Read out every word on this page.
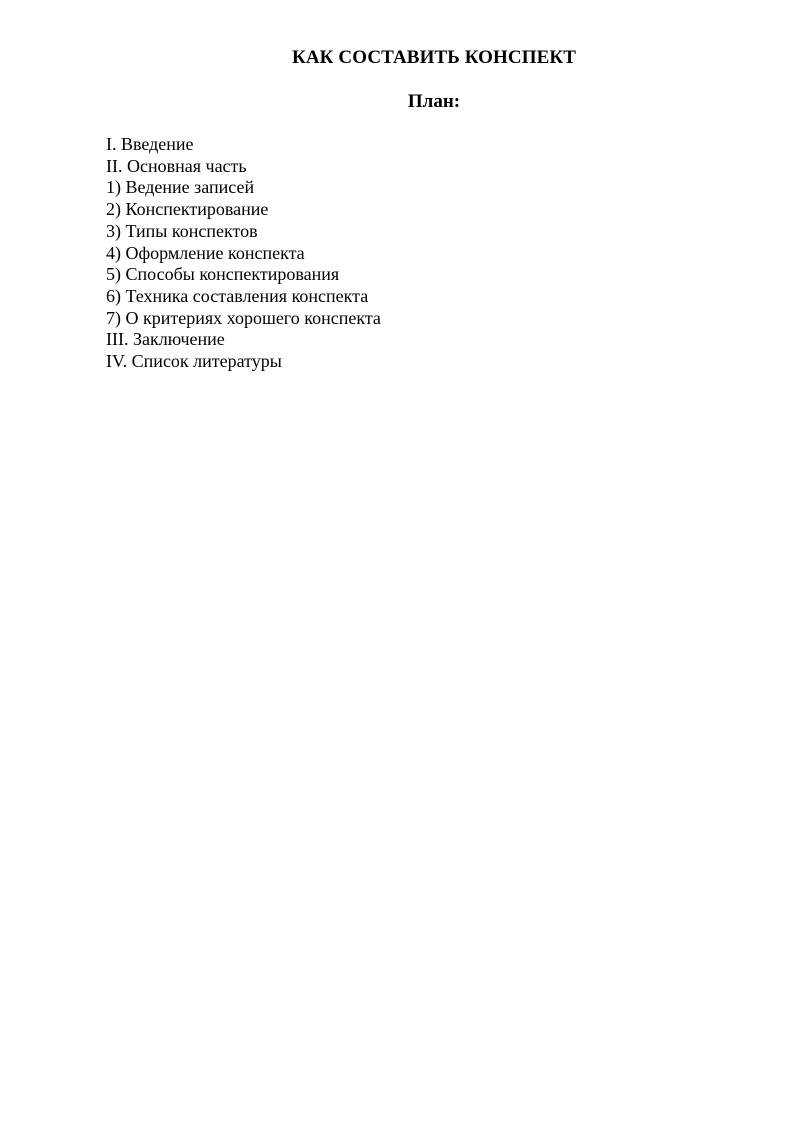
КАК СОСТАВИТЬ КОНСПЕКТ
План:
I. Введение
II. Основная часть
1) Ведение записей
2) Конспектирование
3) Типы конспектов
4) Оформление конспекта
5) Способы конспектирования
6) Техника составления конспекта
7) О критериях хорошего конспекта
III. Заключение
IV. Список литературы
